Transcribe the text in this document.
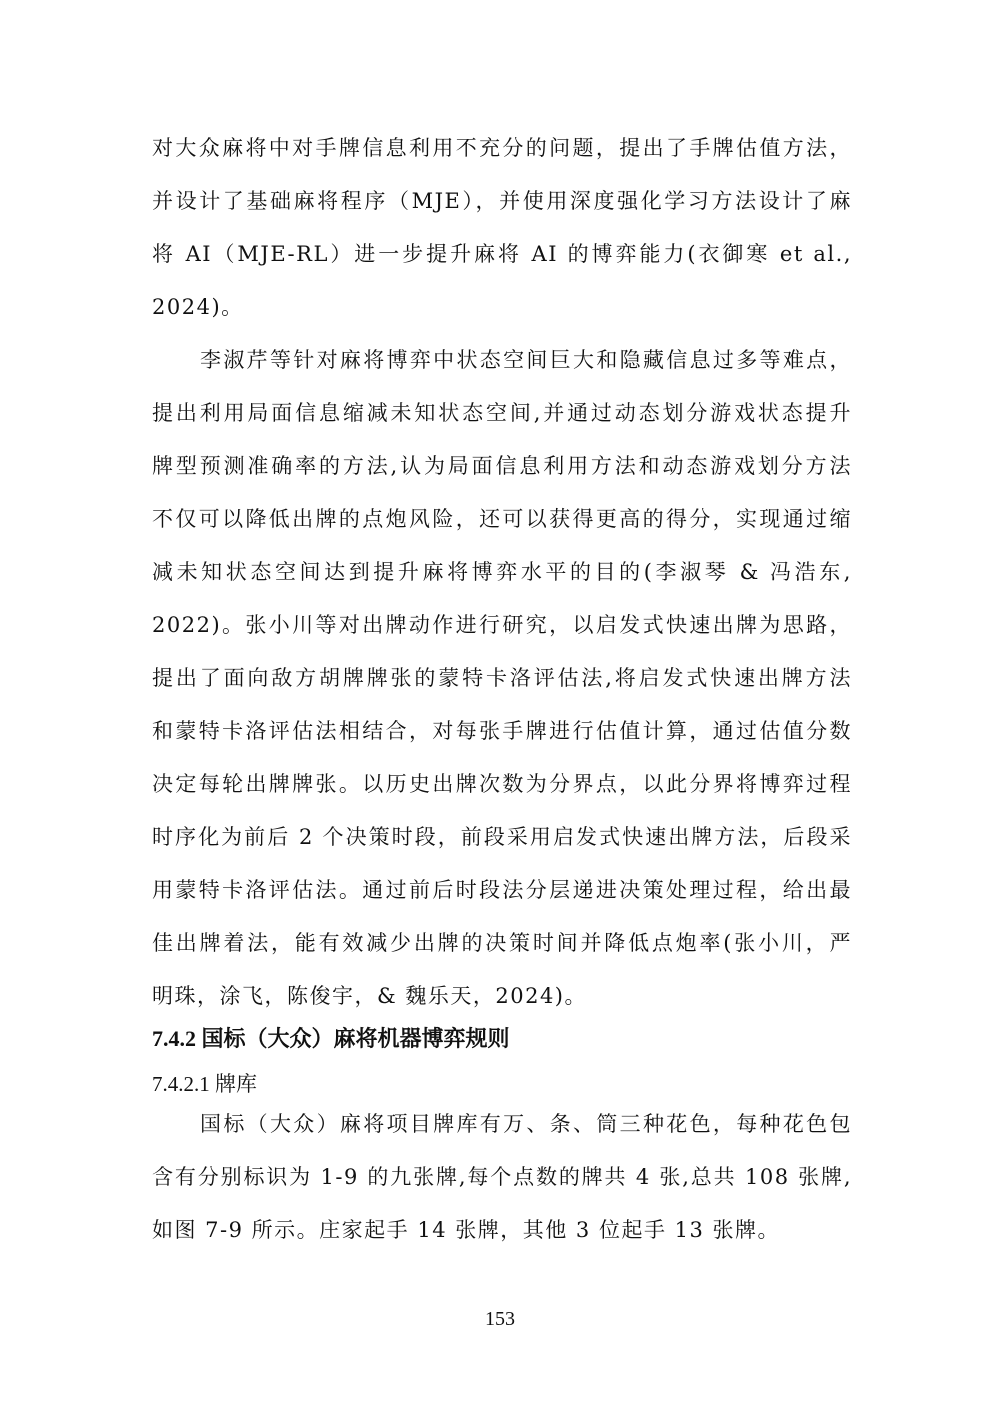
对大众麻将中对手牌信息利用不充分的问题，提出了手牌估值方法，
并设计了基础麻将程序（MJE），并使用深度强化学习方法设计了麻
将 AI（MJE-RL）进一步提升麻将 AI 的博弈能力(衣御寒 et al.,
2024)。
李淑芹等针对麻将博弈中状态空间巨大和隐藏信息过多等难点，
提出利用局面信息缩减未知状态空间,并通过动态划分游戏状态提升
牌型预测准确率的方法,认为局面信息利用方法和动态游戏划分方法
不仅可以降低出牌的点炮风险，还可以获得更高的得分，实现通过缩
减未知状态空间达到提升麻将博弈水平的目的(李淑琴 & 冯浩东,
2022)。张小川等对出牌动作进行研究，以启发式快速出牌为思路，
提出了面向敌方胡牌牌张的蒙特卡洛评估法,将启发式快速出牌方法
和蒙特卡洛评估法相结合，对每张手牌进行估值计算，通过估值分数
决定每轮出牌牌张。以历史出牌次数为分界点，以此分界将博弈过程
时序化为前后 2 个决策时段，前段采用启发式快速出牌方法，后段采
用蒙特卡洛评估法。通过前后时段法分层递进决策处理过程，给出最
佳出牌着法，能有效减少出牌的决策时间并降低点炮率(张小川，严
明珠，涂飞，陈俊宇，& 魏乐天，2024)。
7.4.2 国标（大众）麻将机器博弈规则
7.4.2.1 牌库
国标（大众）麻将项目牌库有万、条、筒三种花色，每种花色包
含有分别标识为 1-9 的九张牌,每个点数的牌共 4 张,总共 108 张牌,
如图 7-9 所示。庄家起手 14 张牌，其他 3 位起手 13 张牌。
153
